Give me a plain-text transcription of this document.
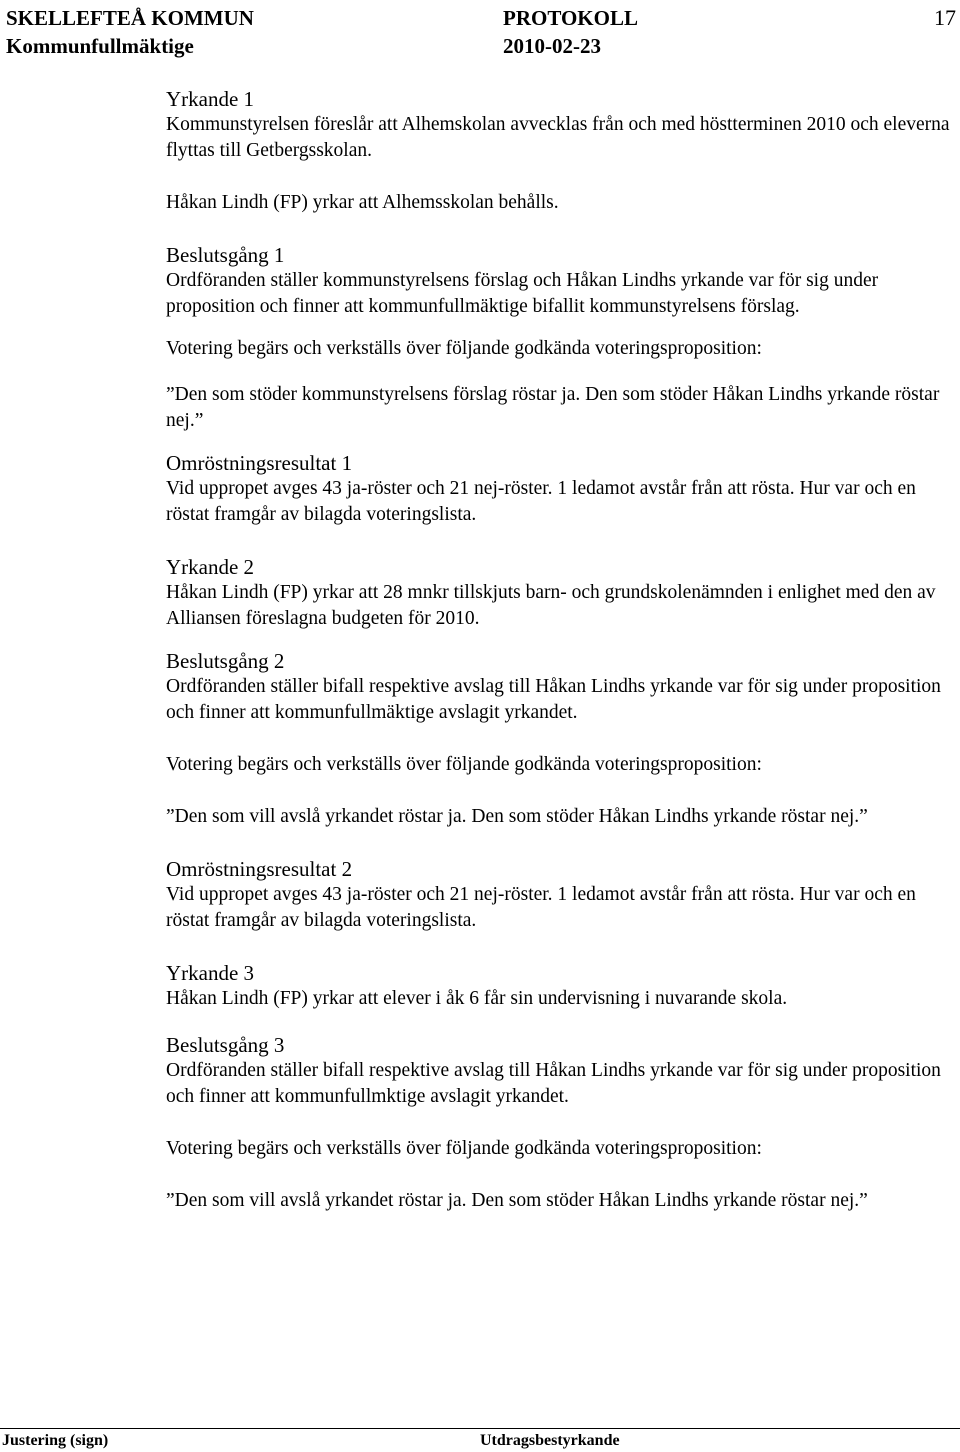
SKELLEFTEÅ KOMMUN	PROTOKOLL	17
Kommunfullmäktige	2010-02-23

Yrkande 1

Kommunstyrelsen föreslår att Alhemskolan avvecklas från och med höstterminen 2010 och eleverna flyttas till Getbergsskolan.

Håkan Lindh (FP) yrkar att Alhemsskolan behålls.

Beslutsgång 1

Ordföranden ställer kommunstyrelsens förslag och Håkan Lindhs yrkande var för sig under proposition och finner att kommunfullmäktige bifallit kommunstyrelsens förslag.

Votering begärs och verkställs över följande godkända voteringsproposition:

”Den som stöder kommunstyrelsens förslag röstar ja. Den som stöder Håkan Lindhs yrkande röstar nej.”

Omröstningsresultat 1

Vid uppropet avges 43 ja-röster och 21 nej-röster. 1 ledamot avstår från att rösta. Hur var och en röstat framgår av bilagda voteringslista.

Yrkande 2

Håkan Lindh (FP) yrkar att 28 mnkr tillskjuts barn- och grundskolenämnden i enlighet med den av Alliansen föreslagna budgeten för 2010.

Beslutsgång 2

Ordföranden ställer bifall respektive avslag till Håkan Lindhs yrkande var för sig under proposition och finner att kommunfullmäktige avslagit yrkandet.

Votering begärs och verkställs över följande godkända voteringsproposition:

”Den som vill avslå yrkandet röstar ja. Den som stöder Håkan Lindhs yrkande röstar nej.”

Omröstningsresultat 2

Vid uppropet avges 43 ja-röster och 21 nej-röster. 1 ledamot avstår från att rösta. Hur var och en röstat framgår av bilagda voteringslista.

Yrkande 3

Håkan Lindh (FP) yrkar att elever i åk 6 får sin undervisning i nuvarande skola.

Beslutsgång 3

Ordföranden ställer bifall respektive avslag till Håkan Lindhs yrkande var för sig under proposition och finner att kommunfullmktige avslagit yrkandet.

Votering begärs och verkställs över följande godkända voteringsproposition:

”Den som vill avslå yrkandet röstar ja. Den som stöder Håkan Lindhs yrkande röstar nej.”

Justering (sign)	Utdragsbestyrkande
